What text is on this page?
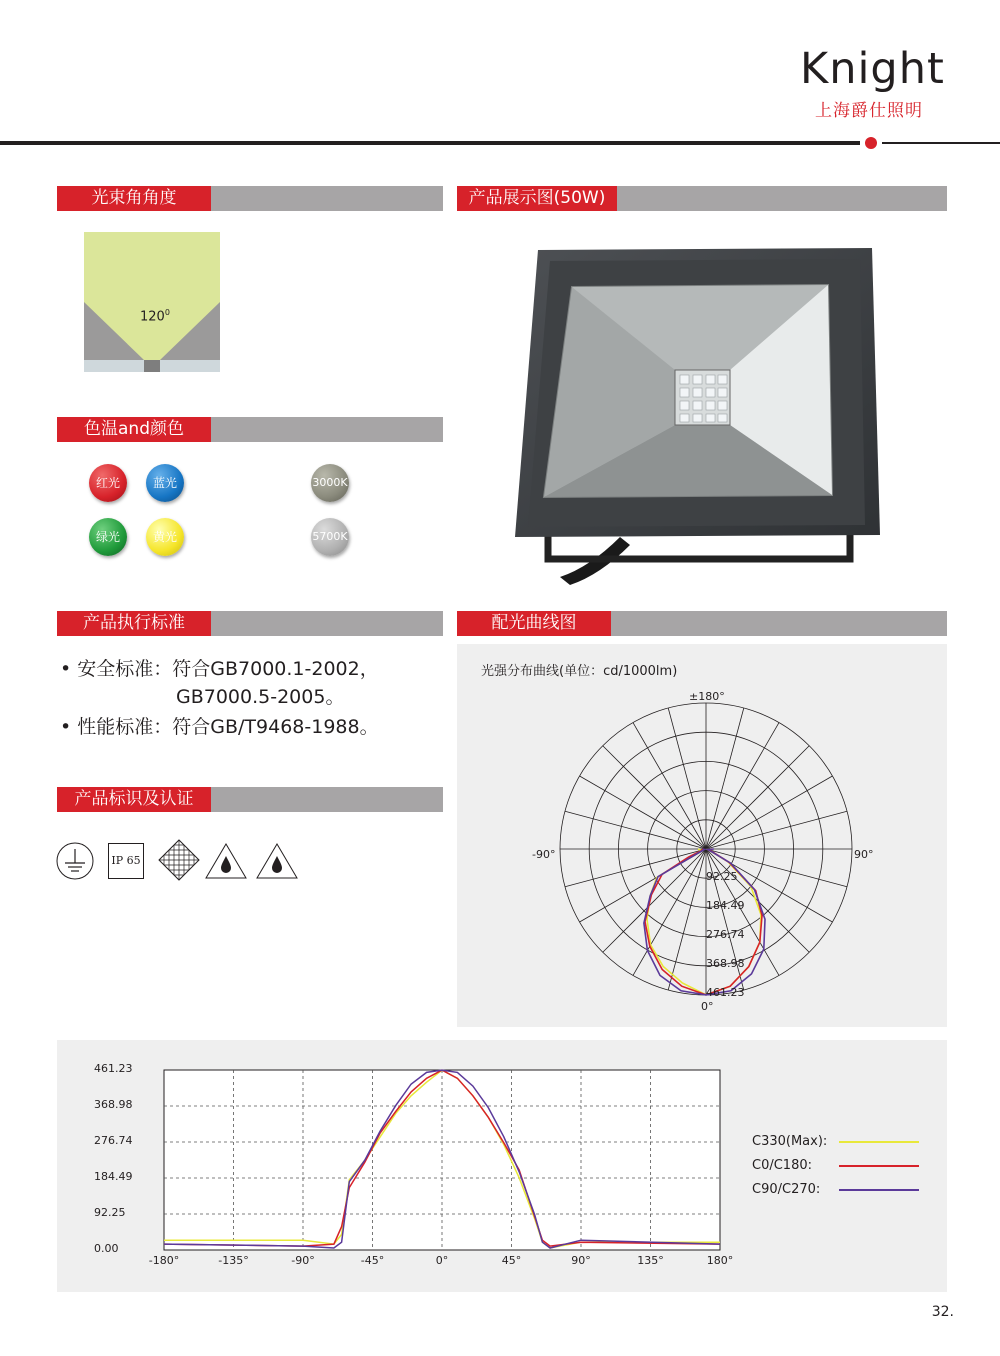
Knight
上海爵仕照明
光束角角度
$120^0$
产品展示图(50W)
色温and颜色
红光	蓝光
绿光	黄光
3000K
5700K
产品执行标准
• 安全标准：符合GB7000.1-2002，
GB7000.5-2005。
• 性能标准：符合GB/T9468-1988。
配光曲线图
光强分布曲线(单位：cd/1000lm)
±180°
-90°	90°
0°
92.25
184.49
276.74
368.98
461.23
产品标识及认证
IP 65
461.23
368.98
276.74
184.49
92.25
0.00
-180°	-135°	-90°	-45°	0°	45°	90°	135°	180°
C330(Max):
C0/C180:
C90/C270:
32.
